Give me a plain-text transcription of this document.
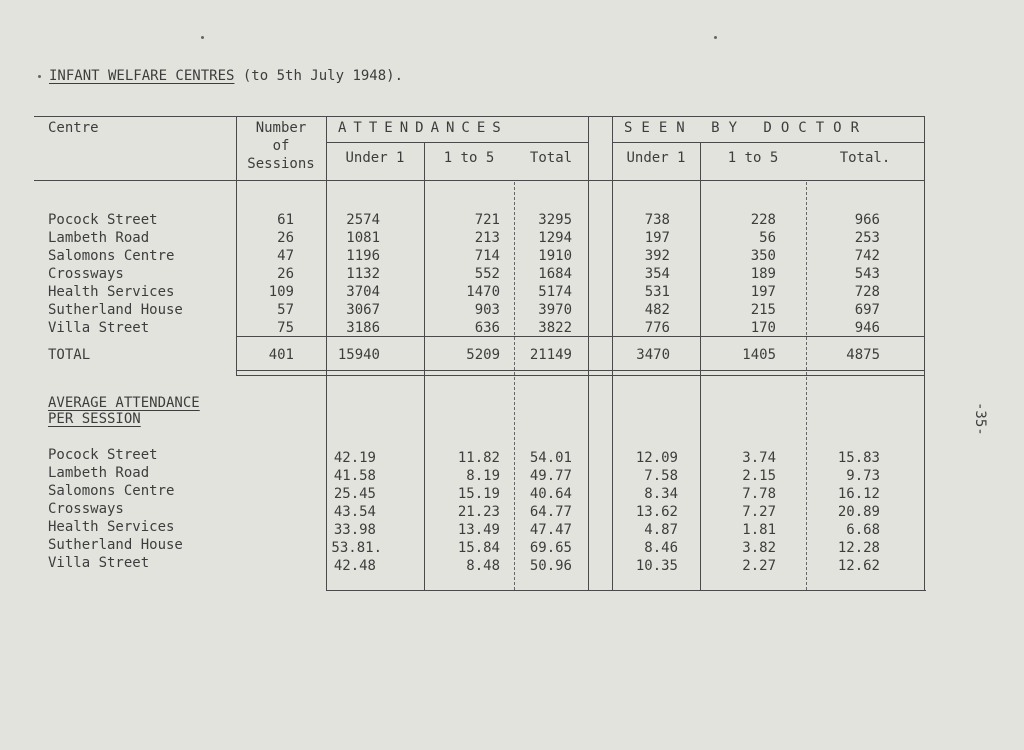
INFANT WELFARE CENTRES (to 5th July 1948).
-35-
Centre	Number
of
Sessions
ATTENDANCES	SEEN BY DOCTOR
Under 1	1 to 5	Total	Under 1	1 to 5	Total.
Pocock Street	61	2574	721	3295	738	228	966
Lambeth Road	26	1081	213	1294	197	56	253
Salomons Centre	47	1196	714	1910	392	350	742
Crossways	26	1132	552	1684	354	189	543
Health Services	109	3704	1470	5174	531	197	728
Sutherland House	57	3067	903	3970	482	215	697
Villa Street	75	3186	636	3822	776	170	946
TOTAL	401	15940	5209	21149	3470	1405	4875
AVERAGE ATTENDANCE
PER SESSION
Pocock Street	42.19	11.82	54.01	12.09	3.74	15.83
Lambeth Road	41.58	8.19	49.77	7.58	2.15	9.73
Salomons Centre	25.45	15.19	40.64	8.34	7.78	16.12
Crossways	43.54	21.23	64.77	13.62	7.27	20.89
Health Services	33.98	13.49	47.47	4.87	1.81	6.68
Sutherland House	53.81.	15.84	69.65	8.46	3.82	12.28
Villa Street	42.48	8.48	50.96	10.35	2.27	12.62
